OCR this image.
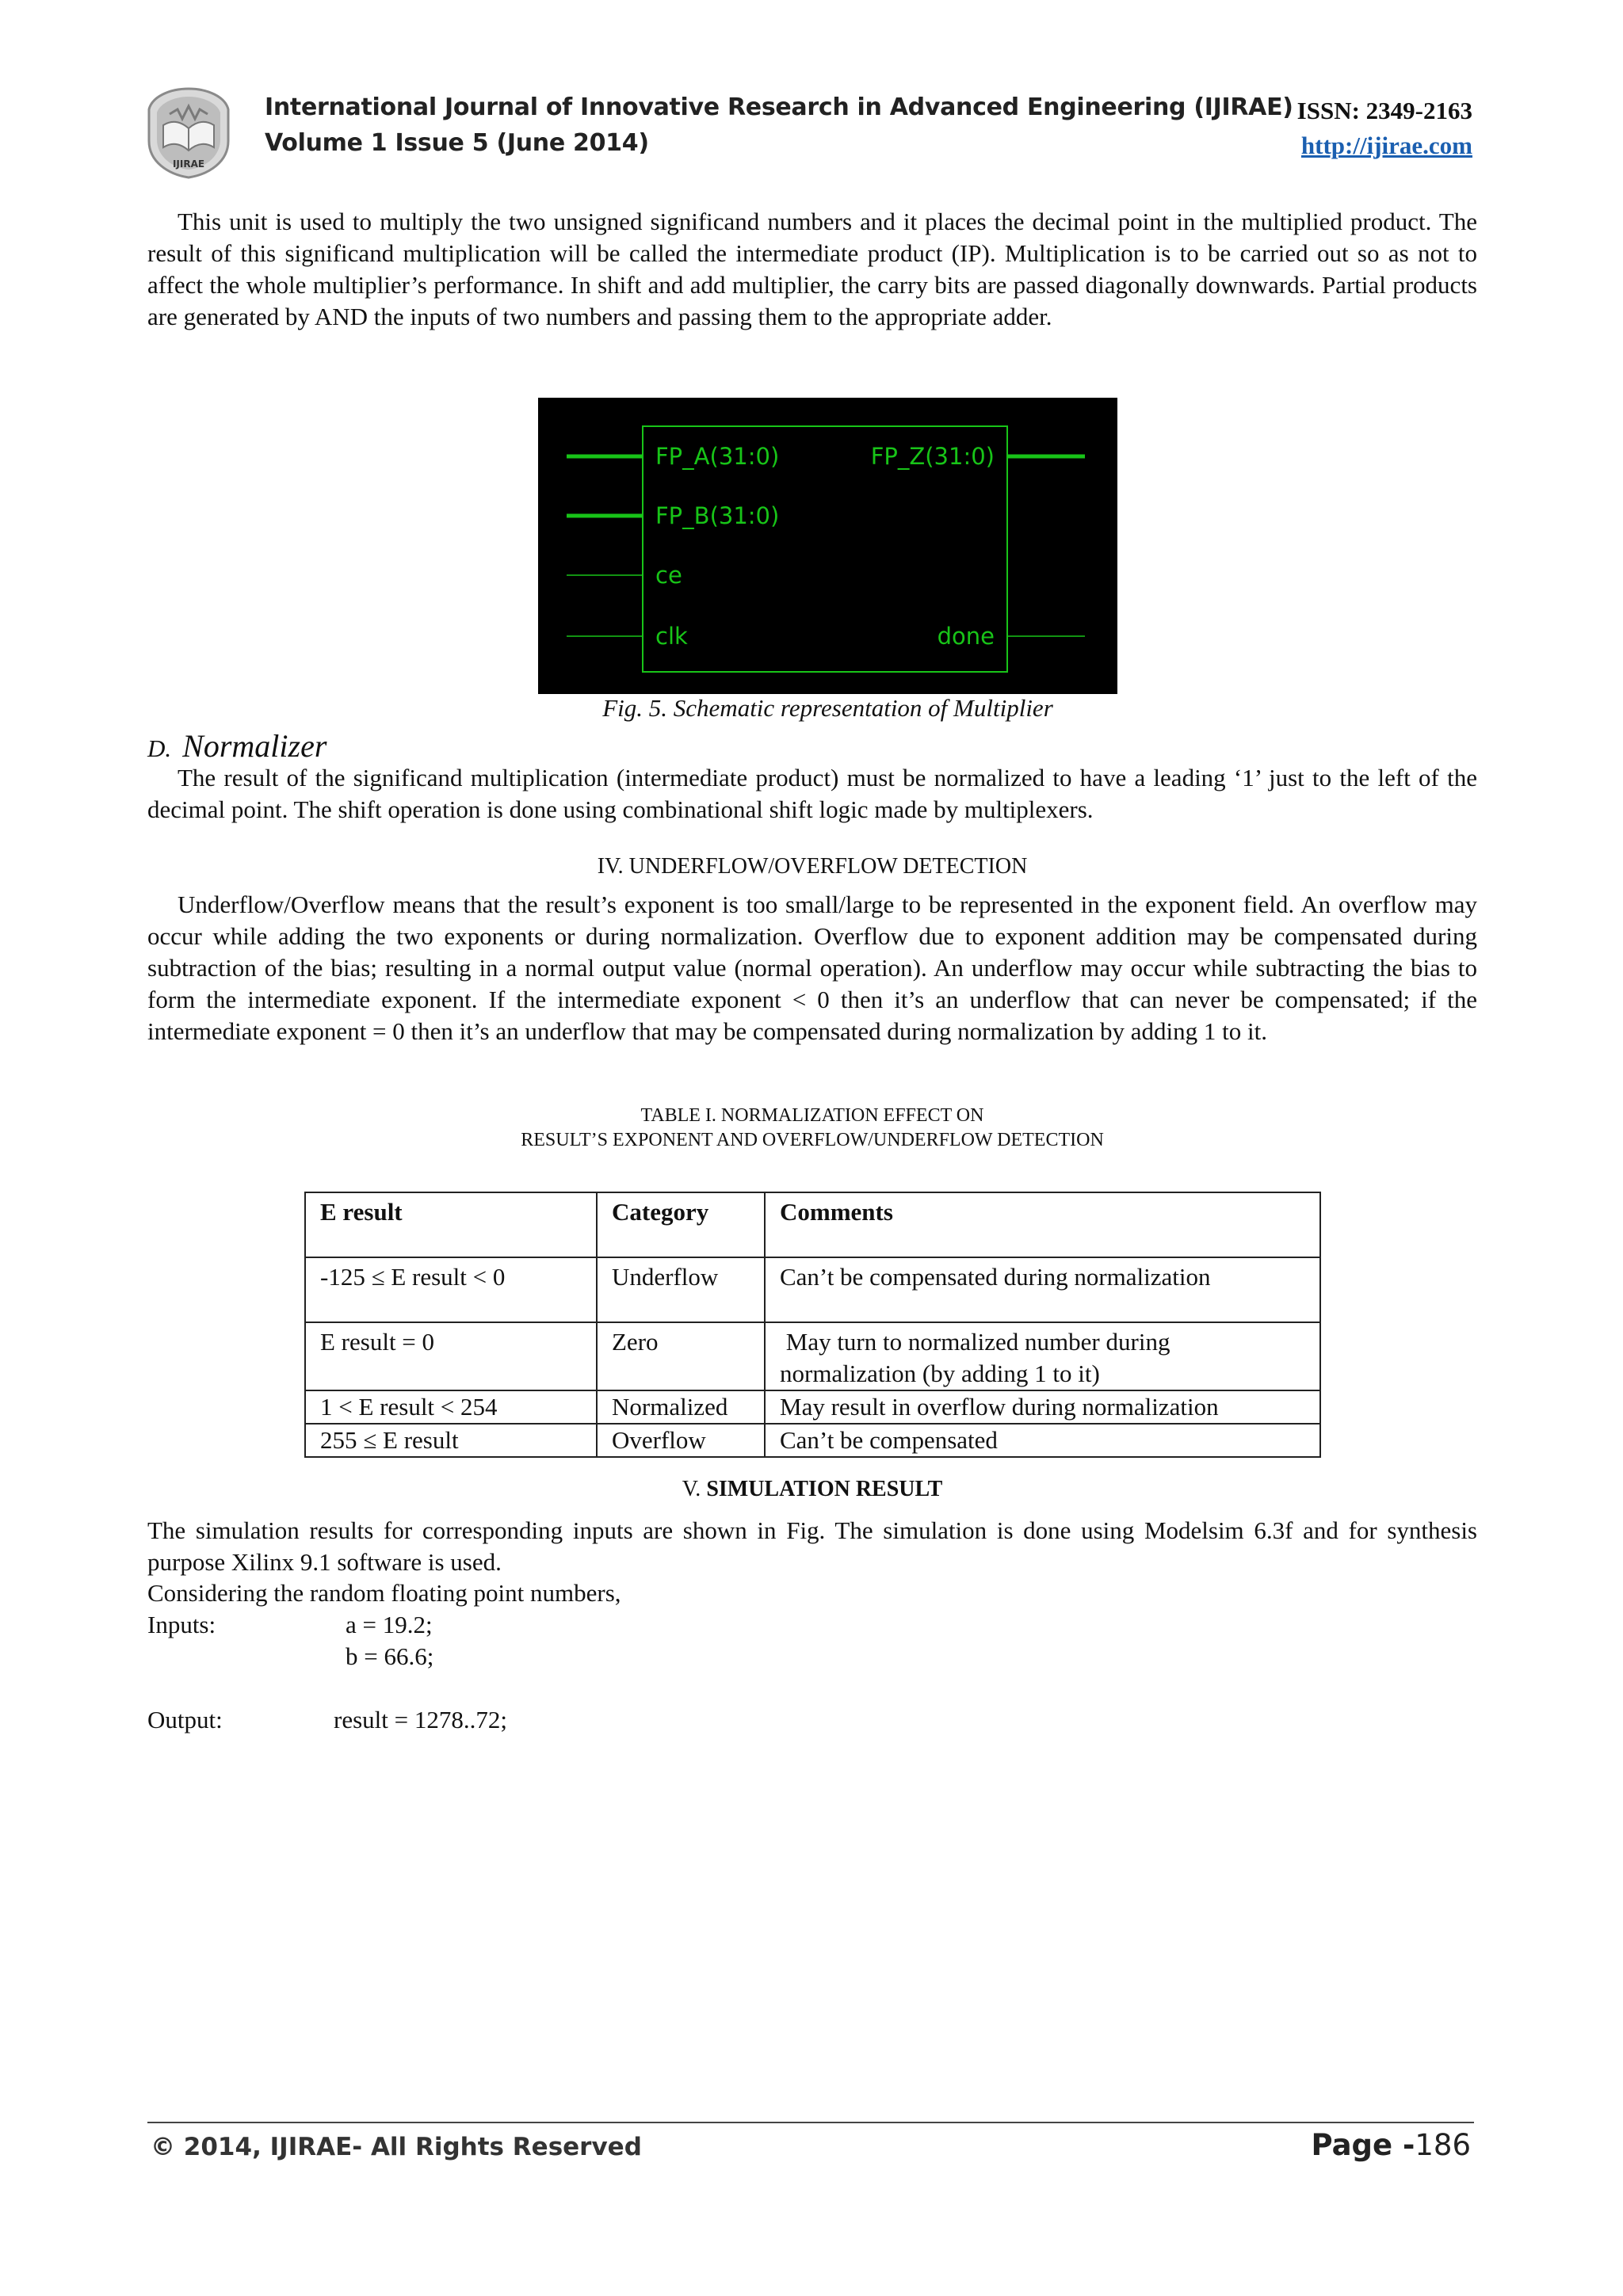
IJIRAE
International Journal of Innovative Research in Advanced Engineering (IJIRAE) ISSN: 2349-2163
Volume 1 Issue 5 (June 2014)	http://ijirae.com

This unit is used to multiply the two unsigned significand numbers and it places the decimal point in the multiplied product. The result of this significand multiplication will be called the intermediate product (IP). Multiplication is to be carried out so as not to affect the whole multiplier’s performance. In shift and add multiplier, the carry bits are passed diagonally downwards. Partial products are generated by AND the inputs of two numbers and passing them to the appropriate adder.

FP_A(31:0)
FP_B(31:0)
ce
clk
FP_Z(31:0)
done
Fig. 5. Schematic representation of Multiplier
D. Normalizer

The result of the significand multiplication (intermediate product) must be normalized to have a leading ‘1’ just to the left of the decimal point. The shift operation is done using combinational shift logic made by multiplexers.

IV. UNDERFLOW/OVERFLOW DETECTION

Underflow/Overflow means that the result’s exponent is too small/large to be represented in the exponent field. An overflow may occur while adding the two exponents or during normalization. Overflow due to exponent addition may be compensated during subtraction of the bias; resulting in a normal output value (normal operation). An underflow may occur while subtracting the bias to form the intermediate exponent. If the intermediate exponent < 0 then it’s an underflow that can never be compensated; if the intermediate exponent = 0 then it’s an underflow that may be compensated during normalization by adding 1 to it.

TABLE I. NORMALIZATION EFFECT ON
RESULT’S EXPONENT AND OVERFLOW/UNDERFLOW DETECTION
E result	Category	Comments
-125 ≤ E result < 0	Underflow	Can’t be compensated during normalization
E result = 0	Zero	May turn to normalized number during normalization (by adding 1 to it)
1 < E result < 254	Normalized	May result in overflow during normalization
255 ≤ E result	Overflow	Can’t be compensated
V. SIMULATION RESULT

The simulation results for corresponding inputs are shown in Fig. The simulation is done using Modelsim 6.3f and for synthesis purpose Xilinx 9.1 software is used.

Considering the random floating point numbers,
Inputs:	a = 19.2;
b = 66.6;
Output:	result = 1278..72;
© 2014, IJIRAE- All Rights Reserved	Page -186
